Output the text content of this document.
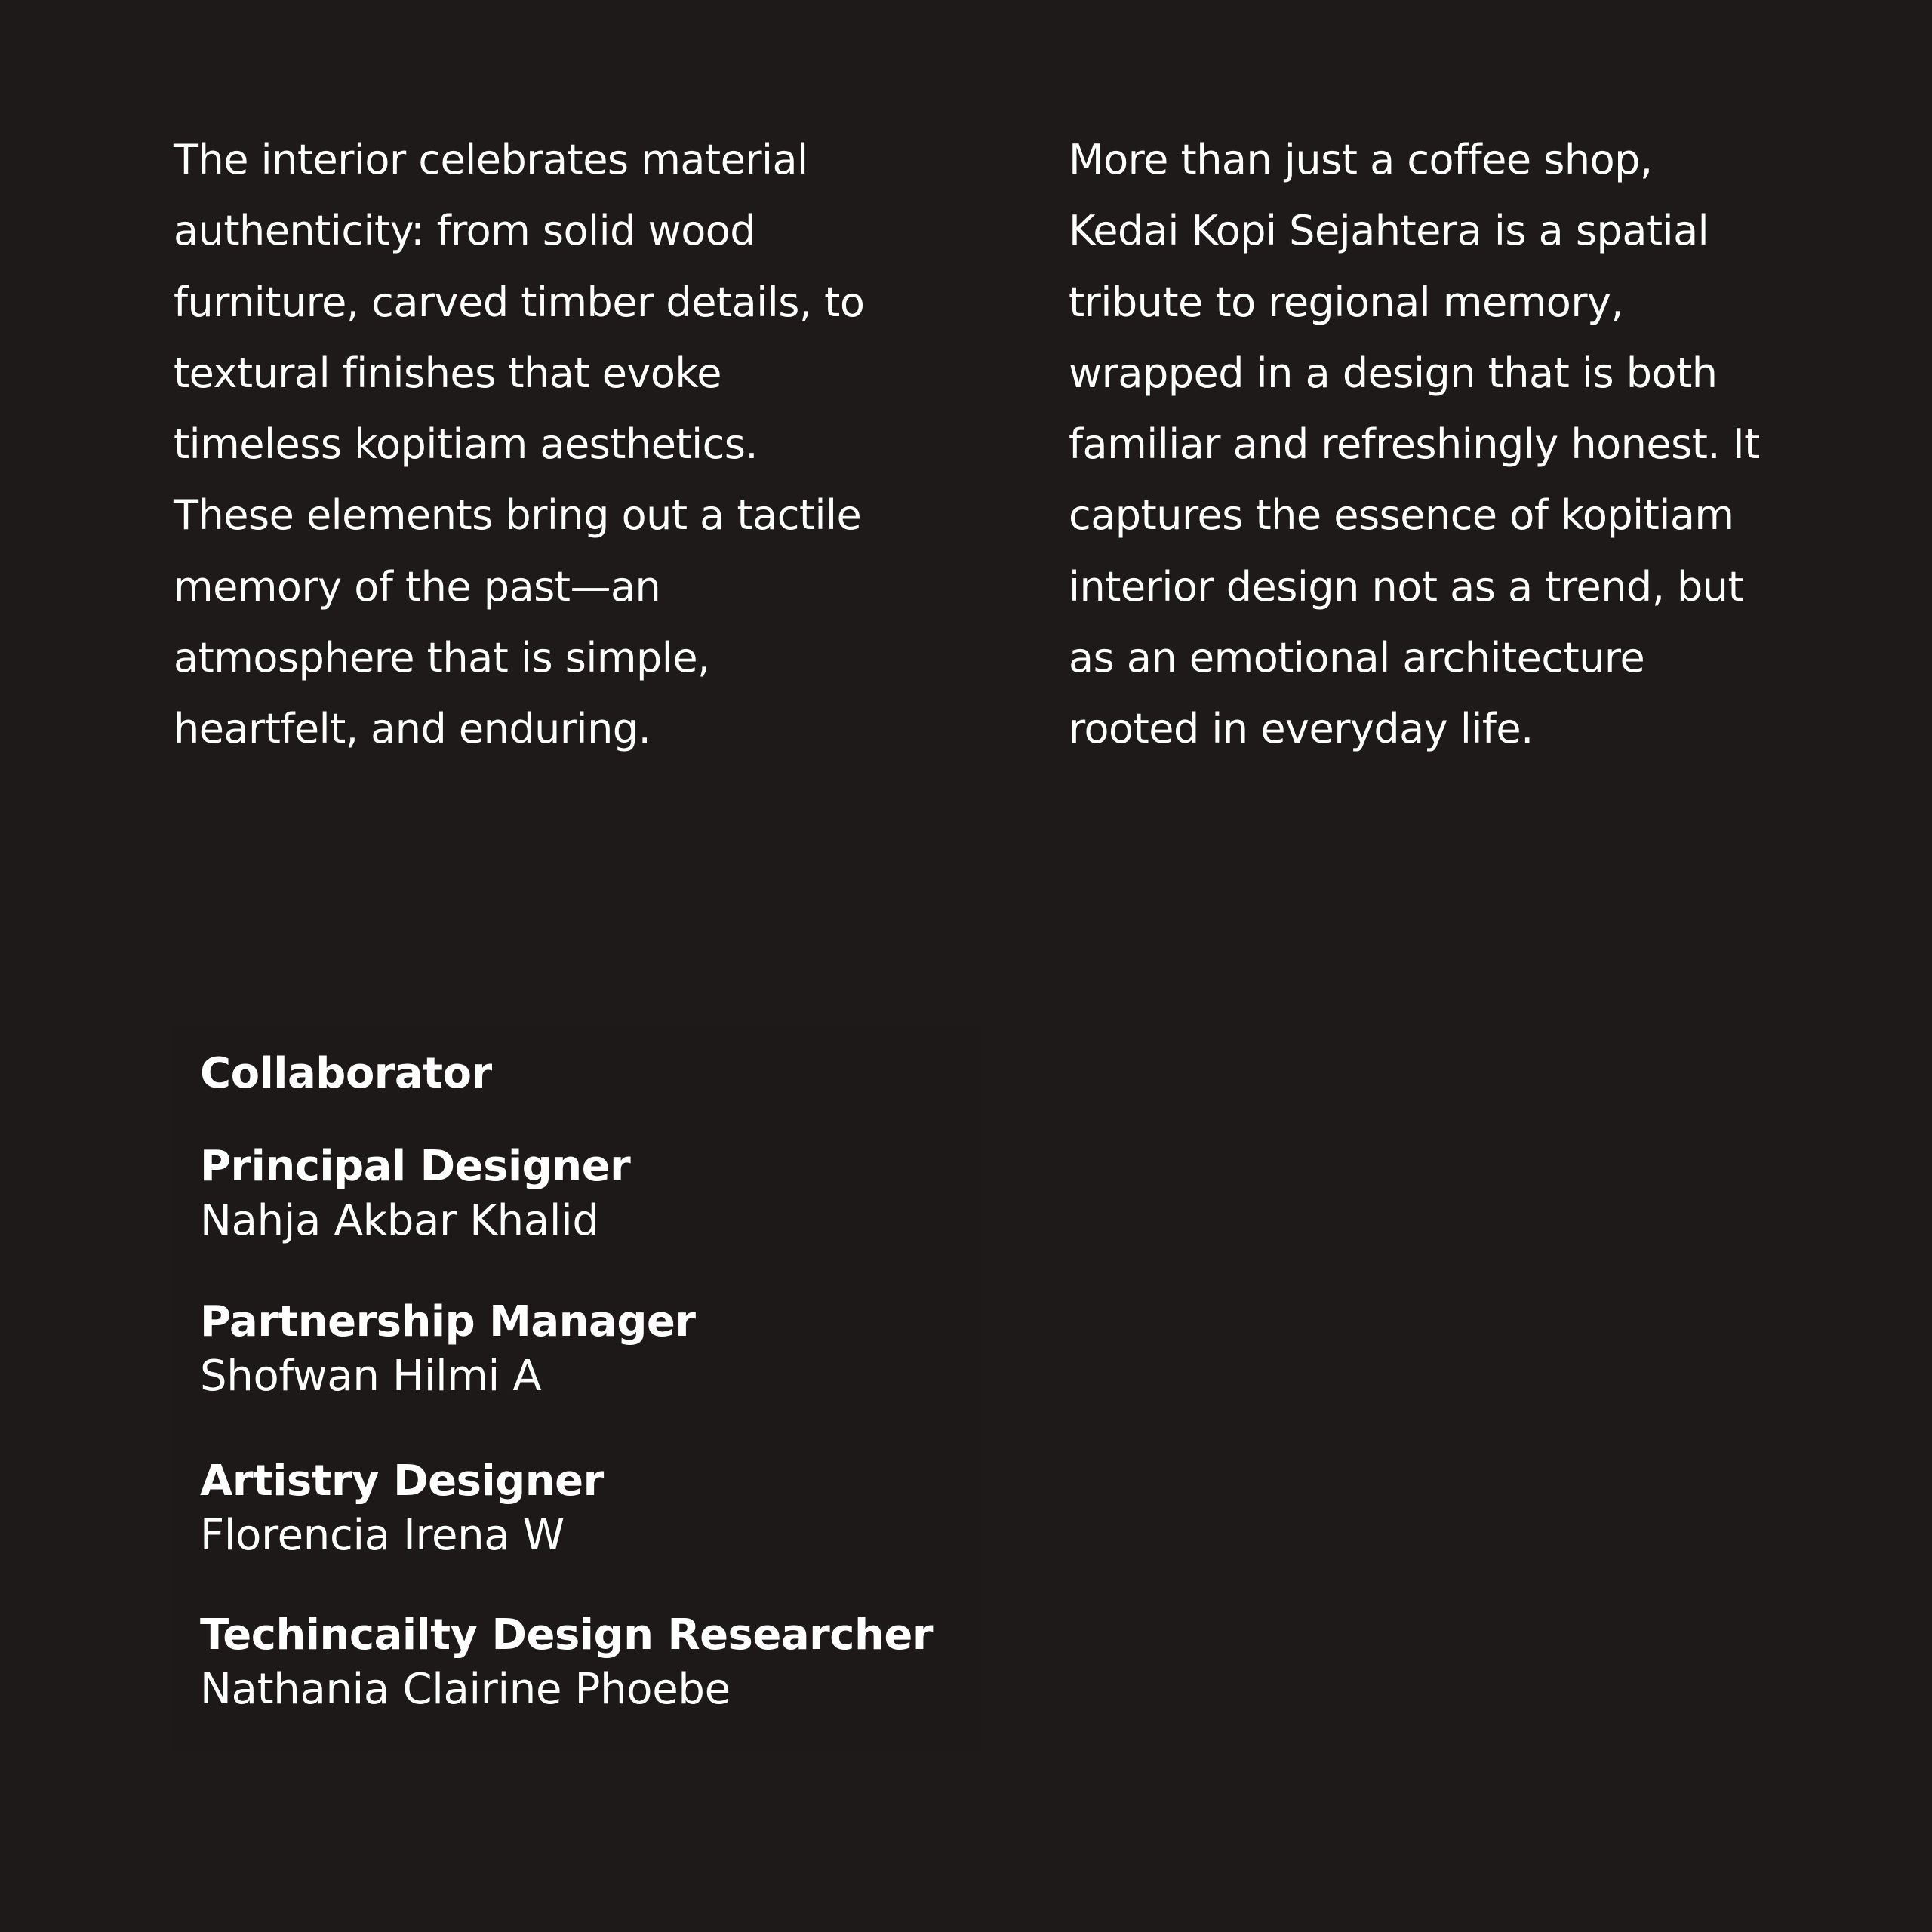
The interior celebrates material
authenticity: from solid wood
furniture, carved timber details, to
textural finishes that evoke
timeless kopitiam aesthetics.
These elements bring out a tactile
memory of the past—an
atmosphere that is simple,
heartfelt, and enduring.

More than just a coffee shop,
Kedai Kopi Sejahtera is a spatial
tribute to regional memory,
wrapped in a design that is both
familiar and refreshingly honest. It
captures the essence of kopitiam
interior design not as a trend, but
as an emotional architecture
rooted in everyday life.

Collaborator
Principal Designer
Nahja Akbar Khalid
Partnership Manager
Shofwan Hilmi A
Artistry Designer
Florencia Irena W
Techincailty Design Researcher
Nathania Clairine Phoebe
